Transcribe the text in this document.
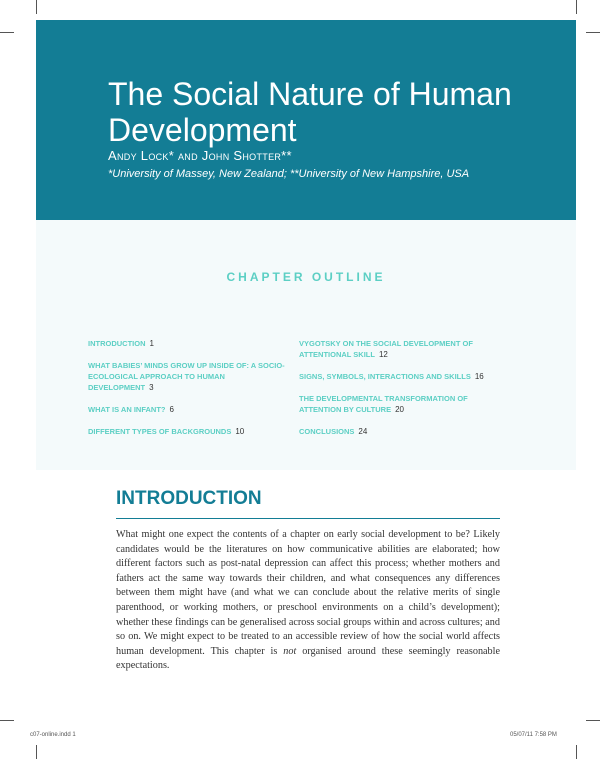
The Social Nature of Human Development
Andy Lock* and John Shotter**
*University of Massey, New Zealand; **University of New Hampshire, USA
CHAPTER OUTLINE
INTRODUCTION 1
WHAT BABIES’ MINDS GROW UP INSIDE OF: A SOCIO-ECOLOGICAL APPROACH TO HUMAN DEVELOPMENT 3
WHAT IS AN INFANT? 6
DIFFERENT TYPES OF BACKGROUNDS 10
VYGOTSKY ON THE SOCIAL DEVELOPMENT OF ATTENTIONAL SKILL 12
SIGNS, SYMBOLS, INTERACTIONS AND SKILLS 16
THE DEVELOPMENTAL TRANSFORMATION OF ATTENTION BY CULTURE 20
CONCLUSIONS 24
INTRODUCTION

What might one expect the contents of a chapter on early social development to be? Likely candidates would be the literatures on how communicative abilities are elaborated; how different factors such as post-natal depression can affect this process; whether mothers and fathers act the same way towards their children, and what consequences any differences between them might have (and what we can conclude about the relative merits of single parenthood, or working mothers, or preschool environments on a child’s development); whether these findings can be generalised across social groups within and across cultures; and so on. We might expect to be treated to an accessible review of how the social world affects human development. This chapter is not organised around these seemingly reasonable expectations.

c07-online.indd 1	05/07/11 7:58 PM
